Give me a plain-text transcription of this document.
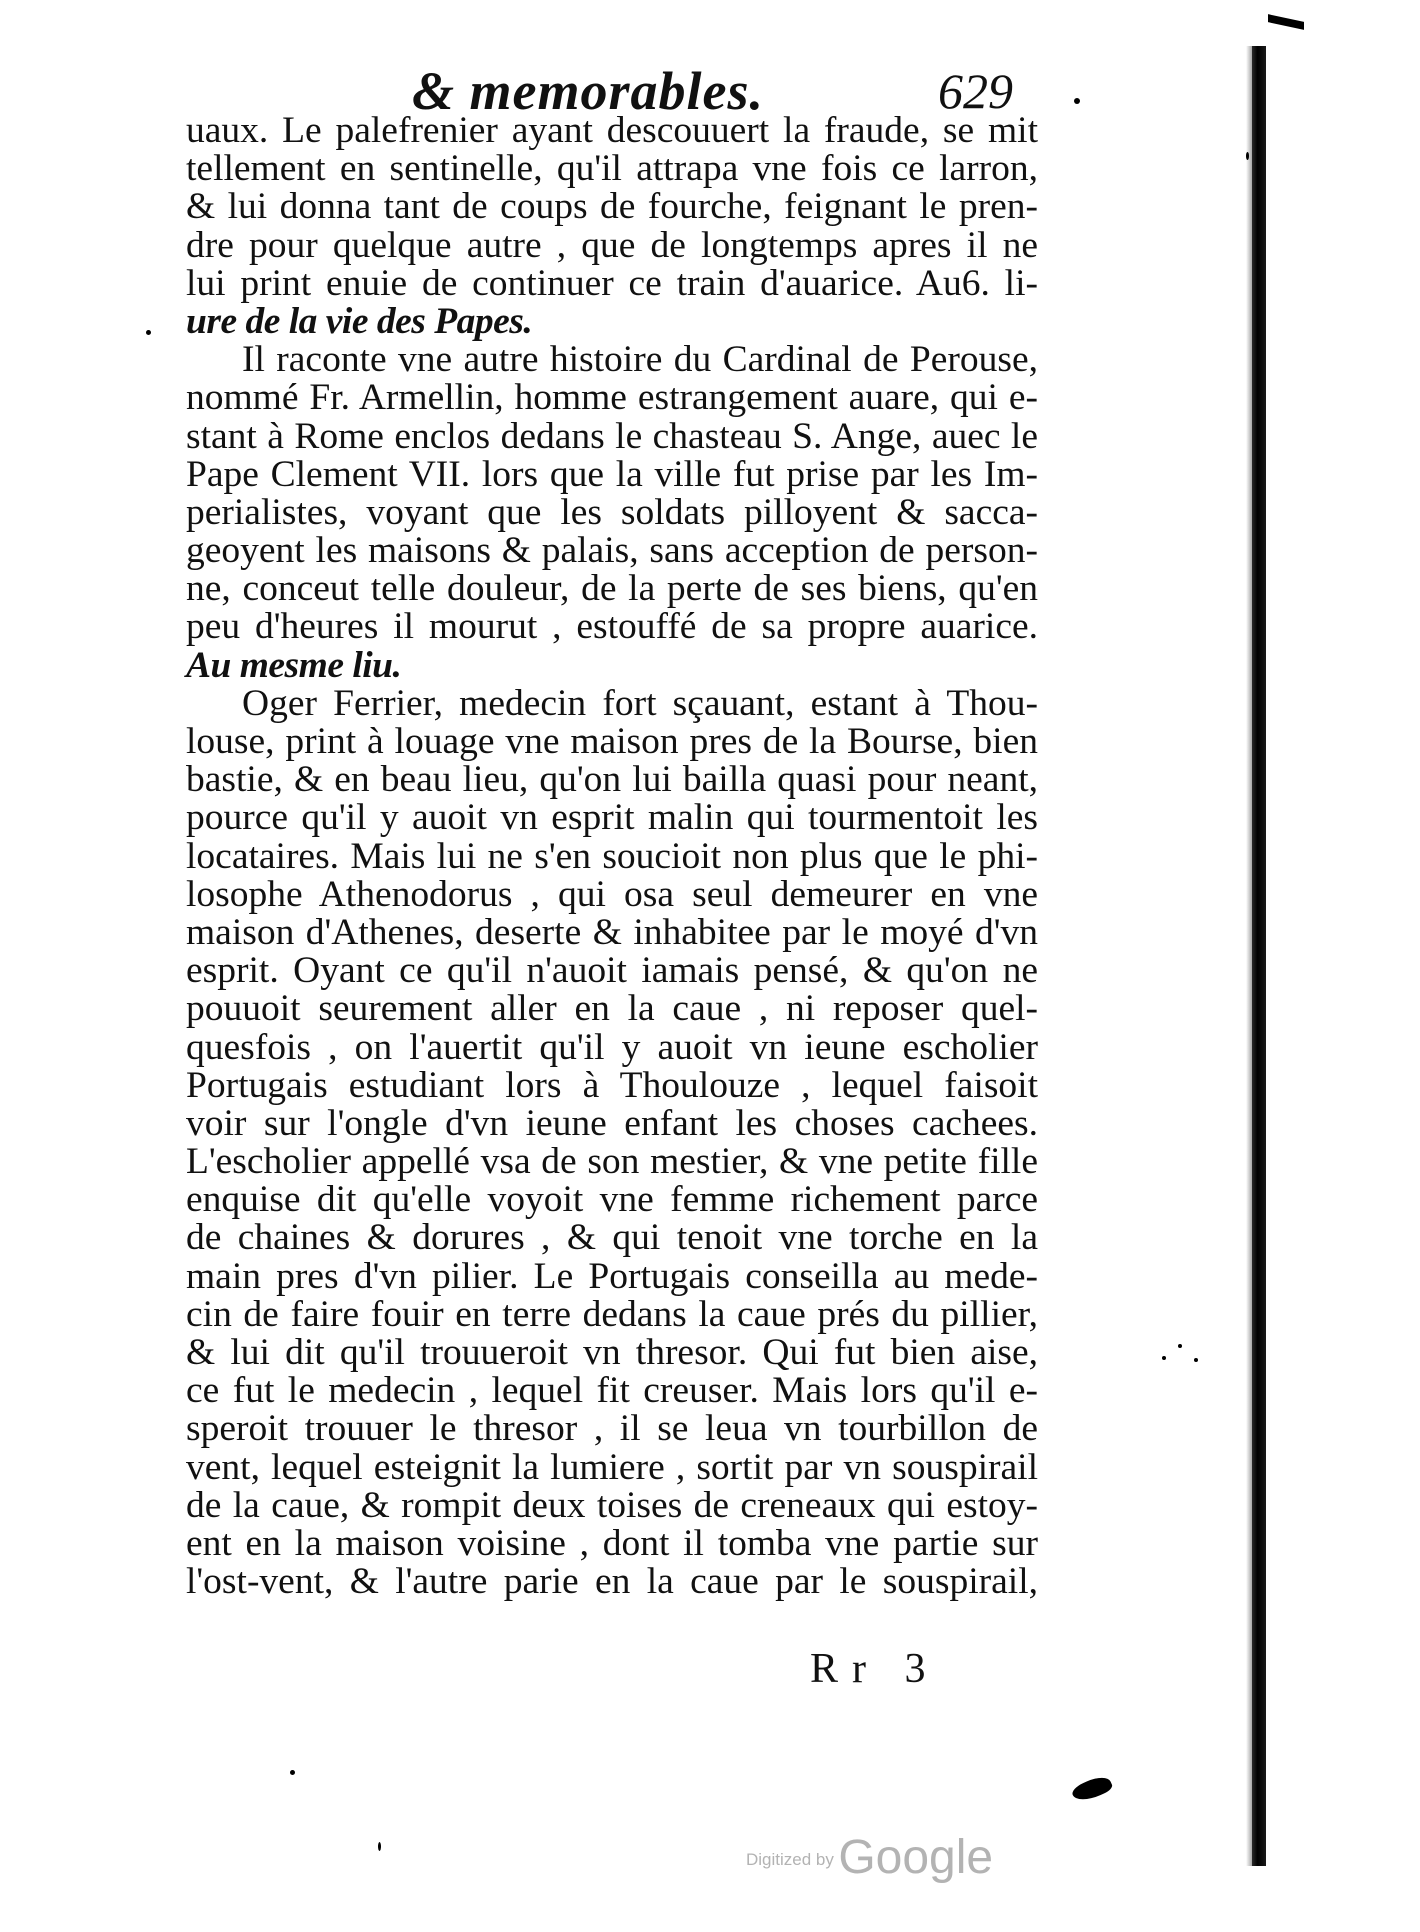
& memorables.	629
uaux. Le palefrenier ayant descouuert la fraude, se mit
tellement en sentinelle, qu'il attrapa vne fois ce larron,
& lui donna tant de coups de fourche, feignant le pren-
dre pour quelque autre , que de longtemps apres il ne
lui print enuie de continuer ce train d'auarice. Au6. li-
ure de la vie des Papes.
Il raconte vne autre histoire du Cardinal de Perouse,
nommé Fr. Armellin, homme estrangement auare, qui e-
stant à Rome enclos dedans le chasteau S. Ange, auec le
Pape Clement VII. lors que la ville fut prise par les Im-
perialistes, voyant que les soldats pilloyent & sacca-
geoyent les maisons & palais, sans acception de person-
ne, conceut telle douleur, de la perte de ses biens, qu'en
peu d'heures il mourut , estouffé de sa propre auarice.
Au mesme liu.
Oger Ferrier, medecin fort sçauant, estant à Thou-
louse, print à louage vne maison pres de la Bourse, bien
bastie, & en beau lieu, qu'on lui bailla quasi pour neant,
pource qu'il y auoit vn esprit malin qui tourmentoit les
locataires. Mais lui ne s'en soucioit non plus que le phi-
losophe Athenodorus , qui osa seul demeurer en vne
maison d'Athenes, deserte & inhabitee par le moyé d'vn
esprit. Oyant ce qu'il n'auoit iamais pensé, & qu'on ne
pouuoit seurement aller en la caue , ni reposer quel-
quesfois , on l'auertit qu'il y auoit vn ieune escholier
Portugais estudiant lors à Thoulouze , lequel faisoit
voir sur l'ongle d'vn ieune enfant les choses cachees.
L'escholier appellé vsa de son mestier, & vne petite fille
enquise dit qu'elle voyoit vne femme richement parce
de chaines & dorures , & qui tenoit vne torche en la
main pres d'vn pilier. Le Portugais conseilla au mede-
cin de faire fouir en terre dedans la caue prés du pillier,
& lui dit qu'il trouueroit vn thresor. Qui fut bien aise,
ce fut le medecin , lequel fit creuser. Mais lors qu'il e-
speroit trouuer le thresor , il se leua vn tourbillon de
vent, lequel esteignit la lumiere , sortit par vn souspirail
de la caue, & rompit deux toises de creneaux qui estoy-
ent en la maison voisine , dont il tomba vne partie sur
l'ost-vent, & l'autre parie en la caue par le souspirail,
Rr 3
Digitized by Google
